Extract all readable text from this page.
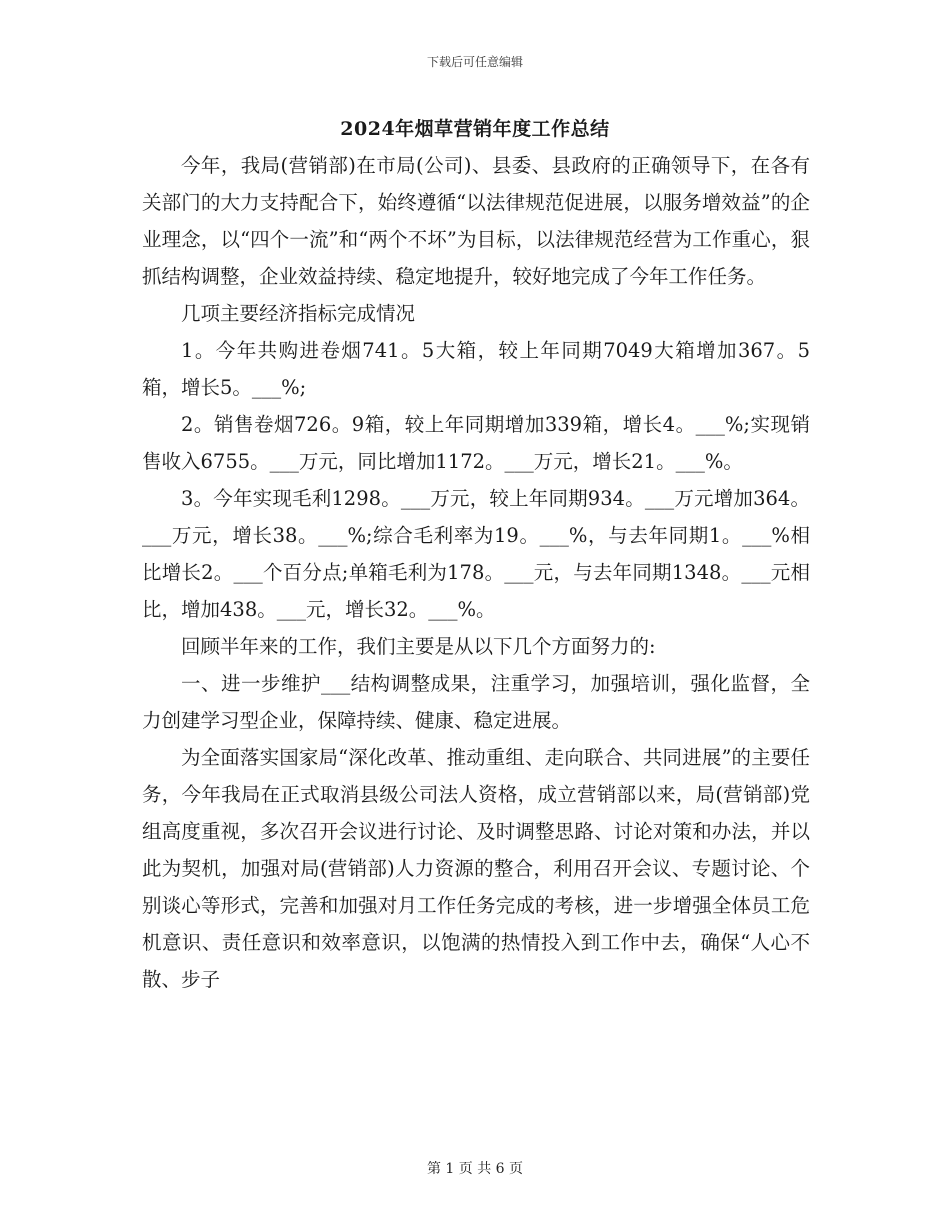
下载后可任意编辑
2024年烟草营销年度工作总结

今年，我局(营销部)在市局(公司)、县委、县政府的正确领导下，在各有关部门的大力支持配合下，始终遵循“以法律规范促进展，以服务增效益”的企业理念，以“四个一流”和“两个不坏”为目标，以法律规范经营为工作重心，狠抓结构调整，企业效益持续、稳定地提升，较好地完成了今年工作任务。

几项主要经济指标完成情况

1。今年共购进卷烟741。5大箱，较上年同期7049大箱增加367。5箱，增长5。___%;

2。销售卷烟726。9箱，较上年同期增加339箱，增长4。___%;实现销售收入6755。___万元，同比增加1172。___万元，增长21。___%。

3。今年实现毛利1298。___万元，较上年同期934。___万元增加364。___万元，增长38。___%;综合毛利率为19。___%，与去年同期1。___%相比增长2。___个百分点;单箱毛利为178。___元，与去年同期1348。___元相比，增加438。___元，增长32。___%。

回顾半年来的工作，我们主要是从以下几个方面努力的:

一、进一步维护___结构调整成果，注重学习，加强培训，强化监督，全力创建学习型企业，保障持续、健康、稳定进展。

为全面落实国家局“深化改革、推动重组、走向联合、共同进展”的主要任务，今年我局在正式取消县级公司法人资格，成立营销部以来，局(营销部)党组高度重视，多次召开会议进行讨论、及时调整思路、讨论对策和办法，并以此为契机，加强对局(营销部)人力资源的整合，利用召开会议、专题讨论、个别谈心等形式，完善和加强对月工作任务完成的考核，进一步增强全体员工危机意识、责任意识和效率意识，以饱满的热情投入到工作中去，确保“人心不散、步子

第 1 页 共 6 页
